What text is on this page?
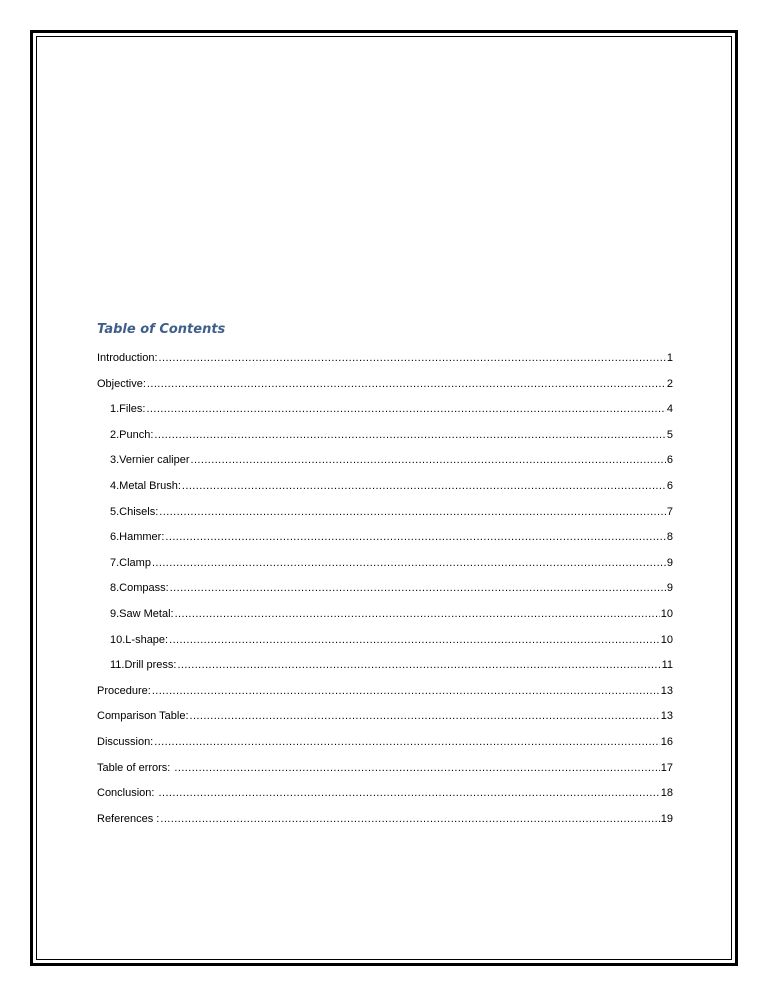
Table of Contents
Introduction: .....	1
Objective: .....	2
1.Files: .....	4
2.Punch: .....	5
3.Vernier caliper .....	6
4.Metal Brush: .....	6
5.Chisels: .....	7
6.Hammer: .....	8
7.Clamp .....	9
8.Compass: .....	9
9.Saw Metal: .....	10
10.L-shape: .....	10
11.Drill press: .....	11
Procedure: .....	13
Comparison Table: .....	13
Discussion: .....	16
Table of errors: .....	17
Conclusion: .....	18
References : .....	19
